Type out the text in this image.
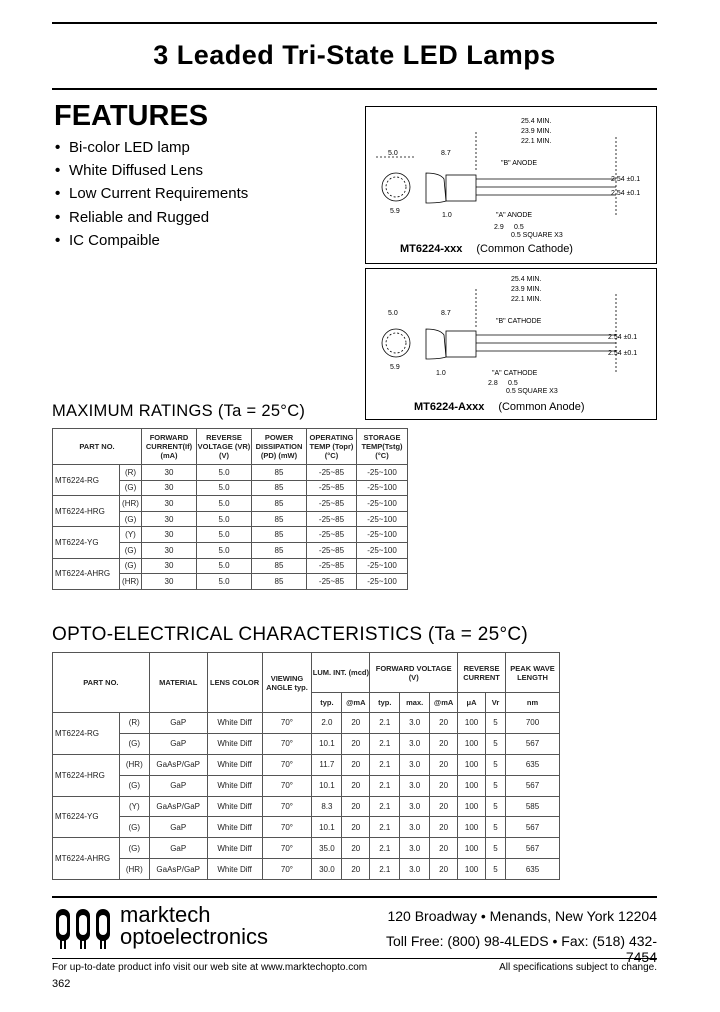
3 Leaded Tri-State LED Lamps
FEATURES
• Bi-color LED lamp
• White Diffused Lens
• Low Current Requirements
• Reliable and Rugged
• IC Compaible
25.4 MIN.
23.9 MIN.
22.1 MIN.
5.0	8.7
"B" ANODE
2.54 ±0.1
2.54 ±0.1
5.9
1.0	"A" ANODE
2.9 0.5
0.5 SQUARE X3
MT6224-xxx (Common Cathode)
25.4 MIN.
23.9 MIN.
22.1 MIN.
5.0	8.7
"B" CATHODE
2.54 ±0.1
2.54 ±0.1
5.9
1.0	"A" CATHODE
2.8 0.5
0.5 SQUARE X3
MT6224-Axxx (Common Anode)
MAXIMUM RATINGS (Ta = 25°C)
PART NO.		FORWARD CURRENT(If) (mA)	REVERSE VOLTAGE (VR) (V)	POWER DISSIPATION (PD) (mW)	OPERATING TEMP (Topr) (°C)	STORAGE TEMP(Tstg) (°C)
MT6224-RG	(R)	30	5.0	85	-25~85	-25~100
	(G)	30	5.0	85	-25~85	-25~100
MT6224-HRG	(HR)	30	5.0	85	-25~85	-25~100
	(G)	30	5.0	85	-25~85	-25~100
MT6224-YG	(Y)	30	5.0	85	-25~85	-25~100
	(G)	30	5.0	85	-25~85	-25~100
MT6224-AHRG	(G)	30	5.0	85	-25~85	-25~100
	(HR)	30	5.0	85	-25~85	-25~100
OPTO-ELECTRICAL CHARACTERISTICS (Ta = 25°C)
PART NO.		MATERIAL	LENS COLOR	VIEWING ANGLE typ.	LUM. INT. (mcd)		FORWARD VOLTAGE (V)			REVERSE CURRENT		PEAK WAVE LENGTH
					typ.	@mA	typ.	max.	@mA	μA	Vr	nm
MT6224-RG	(R)	GaP	White Diff	70°	2.0	20	2.1	3.0	20	100	5	700
	(G)	GaP	White Diff	70°	10.1	20	2.1	3.0	20	100	5	567
MT6224-HRG	(HR)	GaAsP/GaP	White Diff	70°	11.7	20	2.1	3.0	20	100	5	635
	(G)	GaP	White Diff	70°	10.1	20	2.1	3.0	20	100	5	567
MT6224-YG	(Y)	GaAsP/GaP	White Diff	70°	8.3	20	2.1	3.0	20	100	5	585
	(G)	GaP	White Diff	70°	10.1	20	2.1	3.0	20	100	5	567
MT6224-AHRG	(G)	GaP	White Diff	70°	35.0	20	2.1	3.0	20	100	5	567
	(HR)	GaAsP/GaP	White Diff	70°	30.0	20	2.1	3.0	20	100	5	635
marktech
optoelectronics
120 Broadway • Menands, New York 12204
Toll Free: (800) 98-4LEDS • Fax: (518) 432-7454
For up-to-date product info visit our web site at www.marktechopto.com	All specifications subject to change.
362
